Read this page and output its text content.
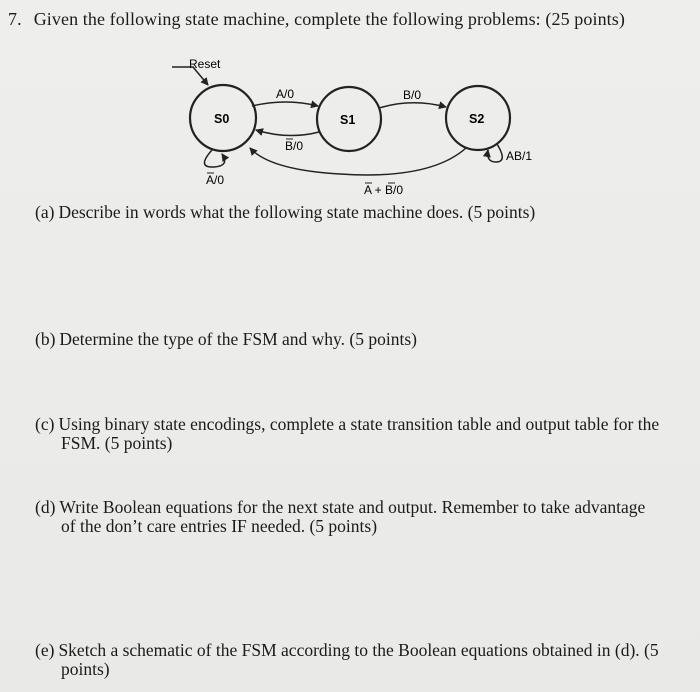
7. Given the following state machine, complete the following problems: (25 points)
Reset
S0	S1	S2
A/0
B/0
B/0
A/0
AB/1
A + B/0
(a) Describe in words what the following state machine does. (5 points)
(b) Determine the type of the FSM and why. (5 points)
(c) Using binary state encodings, complete a state transition table and output table for the
FSM. (5 points)
(d) Write Boolean equations for the next state and output. Remember to take advantage
of the don’t care entries IF needed. (5 points)
(e) Sketch a schematic of the FSM according to the Boolean equations obtained in (d). (5
points)
